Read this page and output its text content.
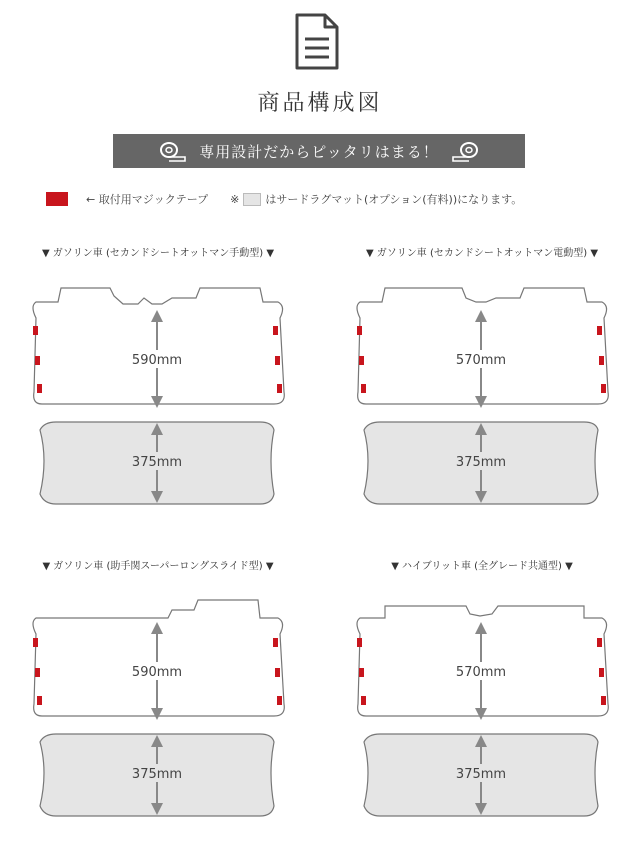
商品構成図
専用設計だからピッタリはまる！
← 取付用マジックテープ ※ はサードラグマット(オプション(有料))になります。
▼ ガソリン車 (セカンドシートオットマン手動型) ▼	▼ ガソリン車 (セカンドシートオットマン電動型) ▼
▼ ガソリン車 (助手関スーパーロングスライド型) ▼	▼ ハイブリット車 (全グレード共通型) ▼
590mm
375mm
570mm
375mm
590mm
375mm
570mm
375mm
